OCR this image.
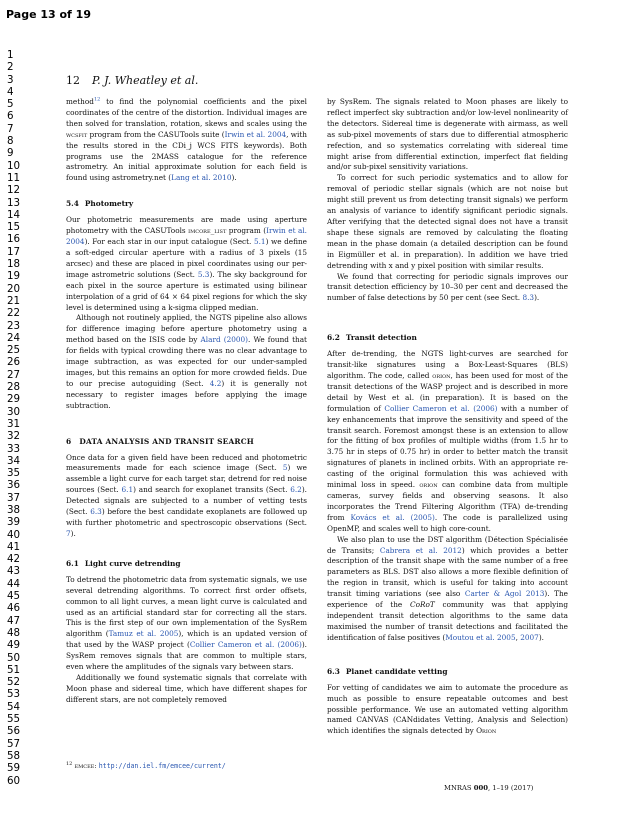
Page 13 of 19
1
2
3
4
5
6
7
8
9
10
11
12
13
14
15
16
17
18
19
20
21
22
23
24
25
26
27
28
29
30
31
32
33
34
35
36
37
38
39
40
41
42
43
44
45
46
47
48
49
50
51
52
53
54
55
56
57
58
59
60
12 P. J. Wheatley et al.

method$^{12}$ to find the polynomial coefficients and the pixel coordinates of the centre of the distortion. Individual images are then solved for translation, rotation, skews and scales using the wcsfit program from the CASUTools suite (Irwin et al. 2004, with the results stored in the CDi_j WCS FITS keywords). Both programs use the 2MASS catalogue for the reference astrometry. An initial approximate solution for each field is found using astrometry.net (Lang et al. 2010).

5.4 Photometry

Our photometric measurements are made using aperture photometry with the CASUTools imcore_list program (Irwin et al. 2004). For each star in our input catalogue (Sect. 5.1) we define a soft-edged circular aperture with a radius of 3 pixels (15 arcsec) and these are placed in pixel coordinates using our per-image astrometric solutions (Sect. 5.3). The sky background for each pixel in the source aperture is estimated using bilinear interpolation of a grid of 64 × 64 pixel regions for which the sky level is determined using a k-sigma clipped median.

Although not routinely applied, the NGTS pipeline also allows for difference imaging before aperture photometry using a method based on the ISIS code by Alard (2000). We found that for fields with typical crowding there was no clear advantage to image subtraction, as was expected for our under-sampled images, but this remains an option for more crowded fields. Due to our precise autoguiding (Sect. 4.2) it is generally not necessary to register images before applying the image subtraction.

6 DATA ANALYSIS AND TRANSIT SEARCH

Once data for a given field have been reduced and photometric measurements made for each science image (Sect. 5) we assemble a light curve for each target star, detrend for red noise sources (Sect. 6.1) and search for exoplanet transits (Sect. 6.2). Detected signals are subjected to a number of vetting tests (Sect. 6.3) before the best candidate exoplanets are followed up with further photometric and spectroscopic observations (Sect. 7).

6.1 Light curve detrending

To detrend the photometric data from systematic signals, we use several detrending algorithms. To correct first order offsets, common to all light curves, a mean light curve is calculated and used as an artificial standard star for correcting all the stars. This is the first step of our own implementation of the SysRem algorithm (Tamuz et al. 2005), which is an updated version of that used by the WASP project (Collier Cameron et al. (2006)). SysRem removes signals that are common to multiple stars, even where the amplitudes of the signals vary between stars.

Additionally we found systematic signals that correlate with Moon phase and sidereal time, which have different shapes for different stars, are not completely removed

$^{12}$ emcee: http://dan.iel.fm/emcee/current/

by SysRem. The signals related to Moon phases are likely to reflect imperfect sky subtraction and/or low-level nonlinearity of the detectors. Sidereal time is degenerate with airmass, as well as sub-pixel movements of stars due to differential atmospheric refection, and so systematics correlating with sidereal time might arise from differential extinction, imperfect flat fielding and/or sub-pixel sensitivity variations.

To correct for such periodic systematics and to allow for removal of periodic stellar signals (which are not noise but might still prevent us from detecting transit signals) we perform an analysis of variance to identify significant periodic signals. After verifying that the detected signal does not have a transit shape these signals are removed by calculating the floating mean in the phase domain (a detailed description can be found in Eigmüller et al. in preparation). In addition we have tried detrending with x and y pixel position with similar results.

We found that correcting for periodic signals improves our transit detection efficiency by 10–30 per cent and decreased the number of false detections by 50 per cent (see Sect. 8.3).

6.2 Transit detection

After de-trending, the NGTS light-curves are searched for transit-like signatures using a Box-Least-Squares (BLS) algorithm. The code, called orion, has been used for most of the transit detections of the WASP project and is described in more detail by West et al. (in preparation). It is based on the formulation of Collier Cameron et al. (2006) with a number of key enhancements that improve the sensitivity and speed of the transit search. Foremost amongst these is an extension to allow for the fitting of box profiles of multiple widths (from 1.5 hr to 3.75 hr in steps of 0.75 hr) in order to better match the transit signatures of planets in inclined orbits. With an appropriate re-casting of the original formulation this was achieved with minimal loss in speed. orion can combine data from multiple cameras, survey fields and observing seasons. It also incorporates the Trend Filtering Algorithm (TFA) de-trending from Kovács et al. (2005). The code is parallelized using OpenMP, and scales well to high core-count.

We also plan to use the DST algorithm (Détection Spécialisée de Transits; Cabrera et al. 2012) which provides a better description of the transit shape with the same number of a free parameters as BLS. DST also allows a more flexible definition of the region in transit, which is useful for taking into account transit timing variations (see also Carter & Agol 2013). The experience of the CoRoT community was that applying independent transit detection algorithms to the same data maximised the number of transit detections and facilitated the identification of false positives (Moutou et al. 2005, 2007).

6.3 Planet candidate vetting

For vetting of candidates we aim to automate the procedure as much as possible to ensure repeatable outcomes and best possible performance. We use an automated vetting algorithm named CANVAS (CANdidates Vetting, Analysis and Selection) which identifies the signals detected by Orion

MNRAS 000, 1–19 (2017)
